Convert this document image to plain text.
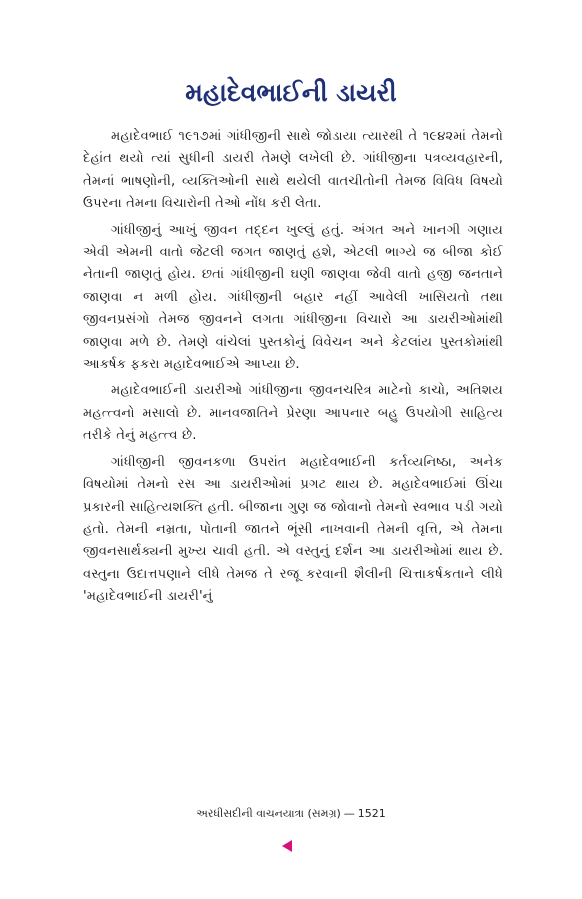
મહાદેવભાઈની ડાયરી

મહાદેવભાઈ ૧૯૧૭માં ગાંધીજીની સાથે જોડાયા ત્યારથી તે ૧૯૪૨માં તેમનો દેહાંત થયો ત્યાં સુધીની ડાયરી તેમણે લખેલી છે. ગાંધીજીના પત્રવ્યવહારની, તેમનાં ભાષણોની, વ્યક્તિઓની સાથે થયેલી વાતચીતોની તેમજ વિવિધ વિષયો ઉપરના તેમના વિચારોની તેઓ નોંધ કરી લેતા.

ગાંધીજીનું આખું જીવન તદ્દન ખુલ્લું હતું. અંગત અને ખાનગી ગણાય એવી એમની વાતો જેટલી જગત જાણતું હશે, એટલી ભાગ્યે જ બીજા કોઈ નેતાની જાણતું હોય. છતાં ગાંધીજીની ઘણી જાણવા જેવી વાતો હજી જનતાને જાણવા ન મળી હોય. ગાંધીજીની બહાર નહીં આવેલી ખાસિયતો તથા જીવનપ્રસંગો તેમજ જીવનને લગતા ગાંધીજીના વિચારો આ ડાયરીઓમાંથી જાણવા મળે છે. તેમણે વાંચેલાં પુસ્તકોનું વિવેચન અને કેટલાંય પુસ્તકોમાંથી આકર્ષક ફકરા મહાદેવભાઈએ આપ્યા છે.

મહાદેવભાઈની ડાયરીઓ ગાંધીજીના જીવનચરિત્ર માટેનો કાચો, અતિશય મહત્ત્વનો મસાલો છે. માનવજાતિને પ્રેરણા આપનાર બહુ ઉપયોગી સાહિત્ય તરીકે તેનું મહત્ત્વ છે.

ગાંધીજીની જીવનકળા ઉપરાંત મહાદેવભાઈની કર્તવ્યનિષ્ઠા, અનેક વિષયોમાં તેમનો રસ આ ડાયરીઓમાં પ્રગટ થાય છે. મહાદેવભાઈમાં ઊંચા પ્રકારની સાહિત્યશક્તિ હતી. બીજાના ગુણ જ જોવાનો તેમનો સ્વભાવ પડી ગયો હતો. તેમની નમ્રતા, પોતાની જાતને ભૂંસી નાખવાની તેમની વૃત્તિ, એ તેમના જીવનસાર્થક્યની મુખ્ય ચાવી હતી. એ વસ્તુનું દર્શન આ ડાયરીઓમાં થાય છે. વસ્તુના ઉદાત્તપણાને લીધે તેમજ તે રજૂ કરવાની શૈલીની ચિત્તાકર્ષકતાને લીધે 'મહાદેવભાઈની ડાયરી'નું

અરધીસદીની વાચનયાત્રા (સમગ્ર) — 1521
